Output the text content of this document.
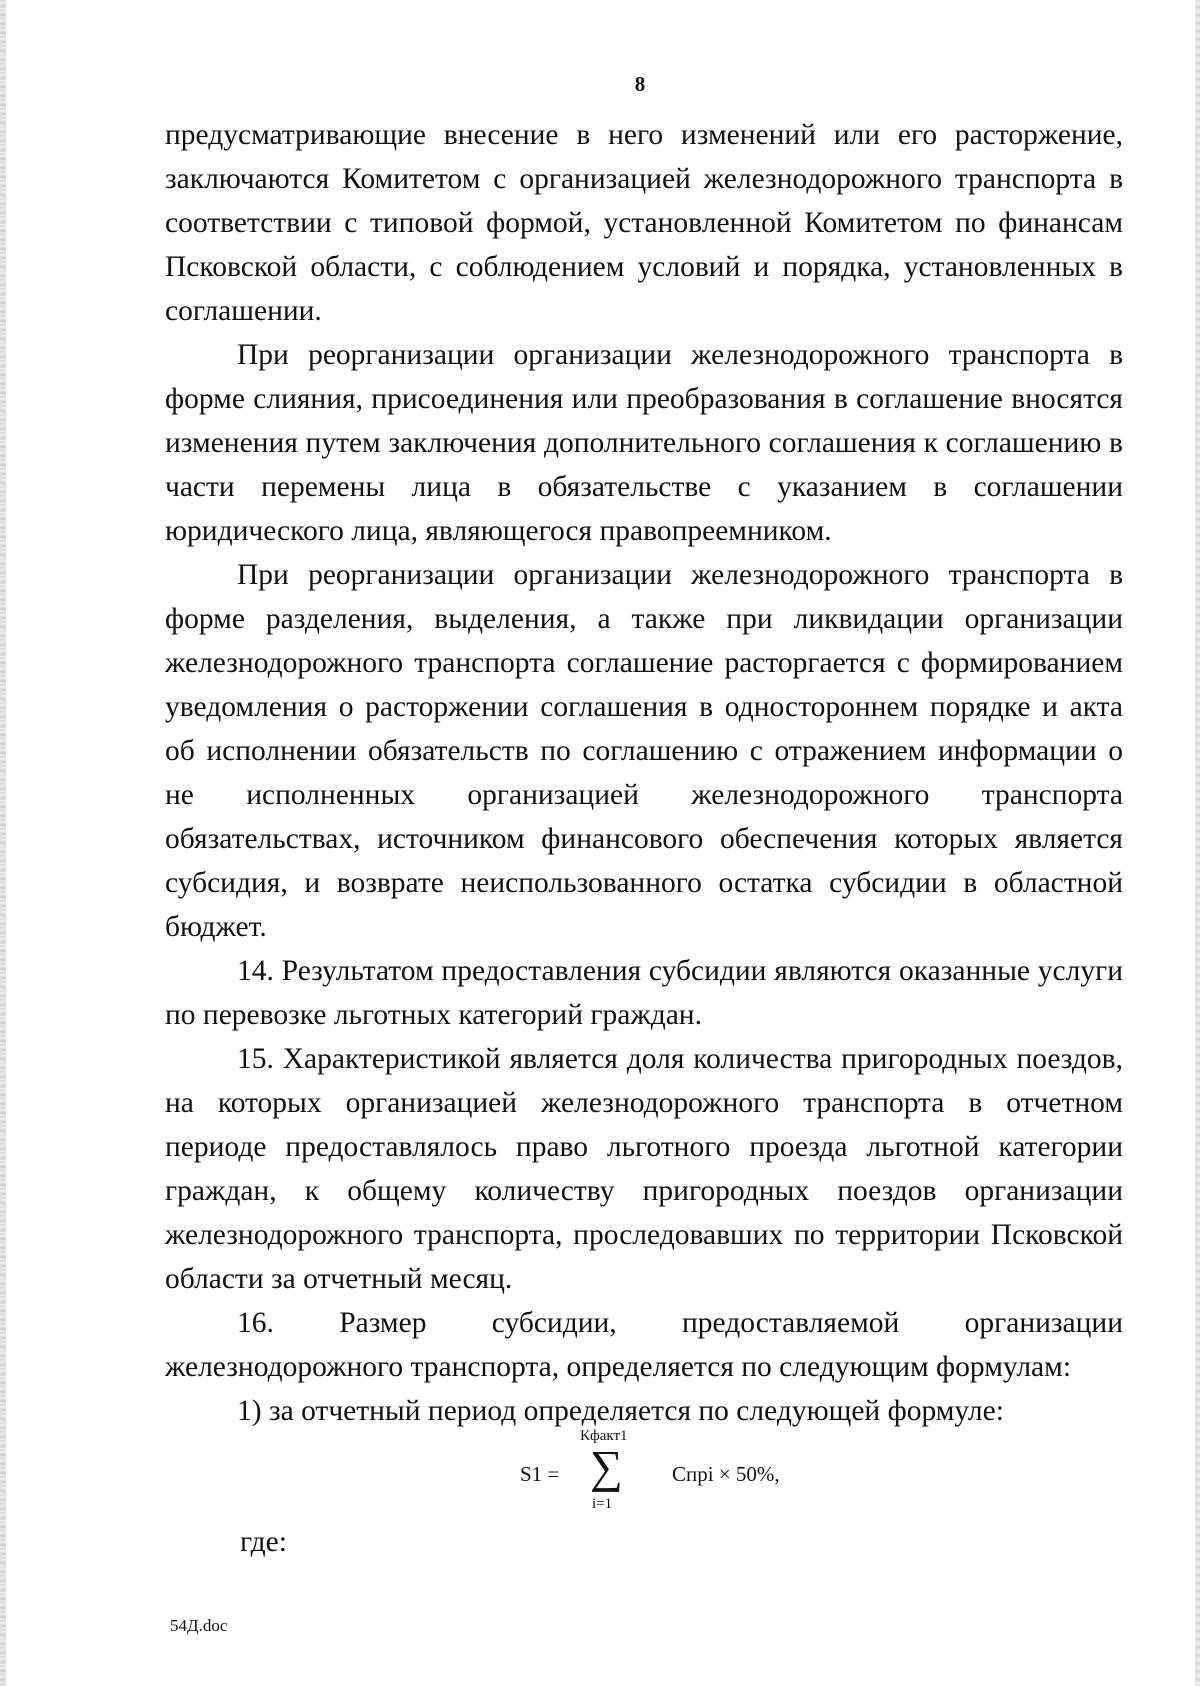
8

предусматривающие внесение в него изменений или его расторжение, заключаются Комитетом с организацией железнодорожного транспорта в соответствии с типовой формой, установленной Комитетом по финансам Псковской области, с соблюдением условий и порядка, установленных в соглашении.

При реорганизации организации железнодорожного транспорта в форме слияния, присоединения или преобразования в соглашение вносятся изменения путем заключения дополнительного соглашения к соглашению в части перемены лица в обязательстве с указанием в соглашении юридического лица, являющегося правопреемником.

При реорганизации организации железнодорожного транспорта в форме разделения, выделения, а также при ликвидации организации железнодорожного транспорта соглашение расторгается с формированием уведомления о расторжении соглашения в одностороннем порядке и акта об исполнении обязательств по соглашению с отражением информации о не исполненных организацией железнодорожного транспорта обязательствах, источником финансового обеспечения которых является субсидия, и возврате неиспользованного остатка субсидии в областной бюджет.

14. Результатом предоставления субсидии являются оказанные услуги по перевозке льготных категорий граждан.

15. Характеристикой является доля количества пригородных поездов, на которых организацией железнодорожного транспорта в отчетном периоде предоставлялось право льготного проезда льготной категории граждан, к общему количеству пригородных поездов организации железнодорожного транспорта, проследовавших по территории Псковской области за отчетный месяц.

16. Размер субсидии, предоставляемой организации железнодорожного транспорта, определяется по следующим формулам:

1) за отчетный период определяется по следующей формуле:

S1 =
Кфакт1
∑
i=1
Cпрi × 50%,
где:
54Д.doc
